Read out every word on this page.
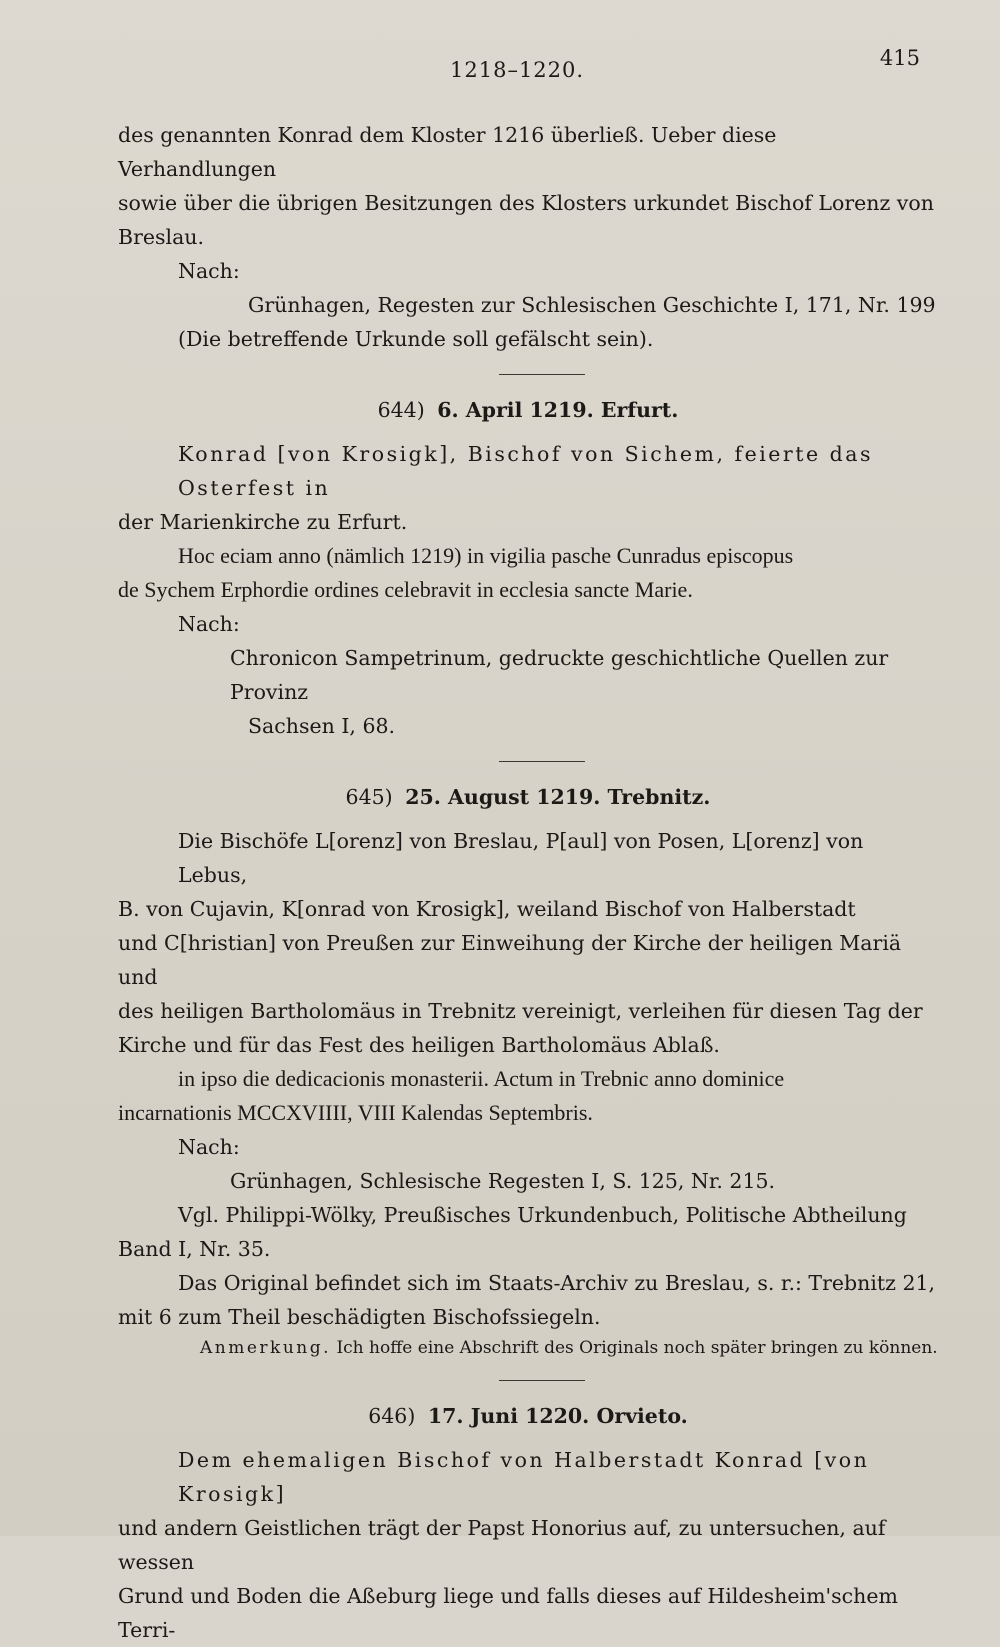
1218–1220.	415

des genannten Konrad dem Kloster 1216 überließ. Ueber diese Verhandlungen

sowie über die übrigen Besitzungen des Klosters urkundet Bischof Lorenz von Breslau.

Nach:

Grünhagen, Regesten zur Schlesischen Geschichte I, 171, Nr. 199

(Die betreffende Urkunde soll gefälscht sein).

644) 6. April 1219. Erfurt.

Konrad [von Krosigk], Bischof von Sichem, feierte das Osterfest in

der Marienkirche zu Erfurt.

Hoc eciam anno (nämlich 1219) in vigilia pasche Cunradus episcopus

de Sychem Erphordie ordines celebravit in ecclesia sancte Marie.

Nach:

Chronicon Sampetrinum, gedruckte geschichtliche Quellen zur Provinz

Sachsen I, 68.

645) 25. August 1219. Trebnitz.

Die Bischöfe L[orenz] von Breslau, P[aul] von Posen, L[orenz] von Lebus,

B. von Cujavin, K[onrad von Krosigk], weiland Bischof von Halberstadt

und C[hristian] von Preußen zur Einweihung der Kirche der heiligen Mariä und

des heiligen Bartholomäus in Trebnitz vereinigt, verleihen für diesen Tag der

Kirche und für das Fest des heiligen Bartholomäus Ablaß.

in ipso die dedicacionis monasterii. Actum in Trebnic anno dominice

incarnationis MCCXVIIII, VIII Kalendas Septembris.

Nach:

Grünhagen, Schlesische Regesten I, S. 125, Nr. 215.

Vgl. Philippi-Wölky, Preußisches Urkundenbuch, Politische Abtheilung

Band I, Nr. 35.

Das Original befindet sich im Staats-Archiv zu Breslau, s. r.: Trebnitz 21,

mit 6 zum Theil beschädigten Bischofssiegeln.

Anmerkung. Ich hoffe eine Abschrift des Originals noch später bringen zu können.

646) 17. Juni 1220. Orvieto.

Dem ehemaligen Bischof von Halberstadt Konrad [von Krosigk]

und andern Geistlichen trägt der Papst Honorius auf, zu untersuchen, auf wessen

Grund und Boden die Aßeburg liege und falls dieses auf Hildesheim'schem Terri-
